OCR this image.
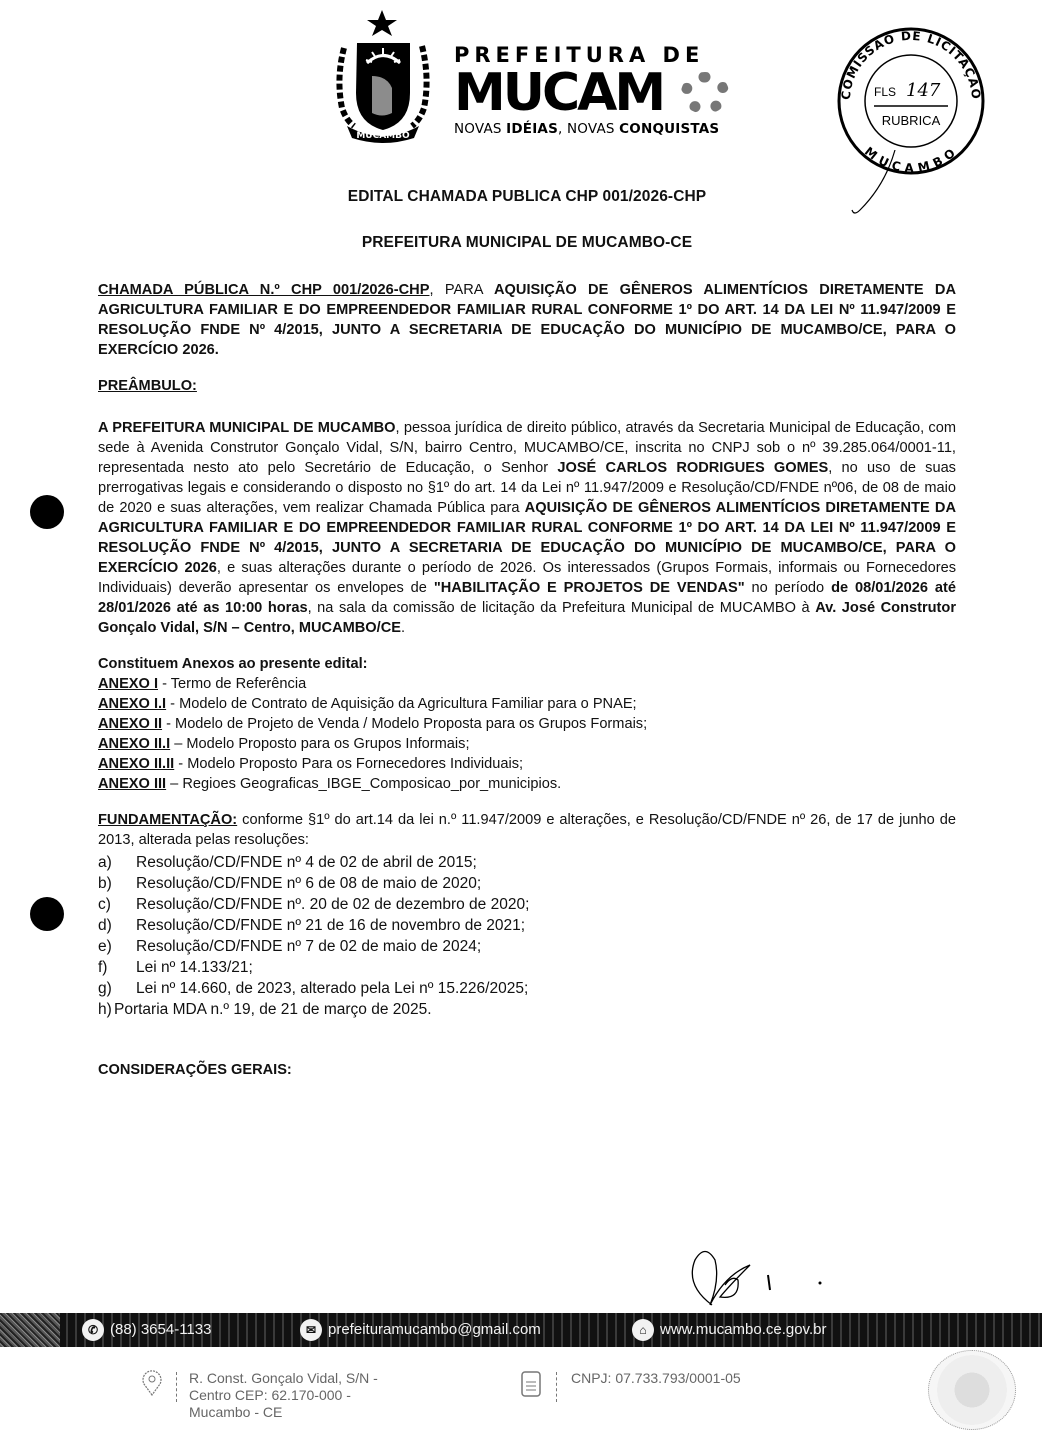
MUCAMBO
PREFEITURA DE
MUCAM
NOVAS IDÉIAS, NOVAS CONQUISTAS
COMISSÃO DE LICITAÇÃO
MUCAMBO
FLS 147
RUBRICA
EDITAL CHAMADA PUBLICA CHP 001/2026-CHP
PREFEITURA MUNICIPAL DE MUCAMBO-CE
CHAMADA PÚBLICA N.º CHP 001/2026-CHP, PARA AQUISIÇÃO DE GÊNEROS ALIMENTÍCIOS DIRETAMENTE DA AGRICULTURA FAMILIAR E DO EMPREENDEDOR FAMILIAR RURAL CONFORME 1º DO ART. 14 DA LEI Nº 11.947/2009 E RESOLUÇÃO FNDE Nº 4/2015, JUNTO A SECRETARIA DE EDUCAÇÃO DO MUNICÍPIO DE MUCAMBO/CE, PARA O EXERCÍCIO 2026.
PREÂMBULO:
A PREFEITURA MUNICIPAL DE MUCAMBO, pessoa jurídica de direito público, através da Secretaria Municipal de Educação, com sede à Avenida Construtor Gonçalo Vidal, S/N, bairro Centro, MUCAMBO/CE, inscrita no CNPJ sob o nº 39.285.064/0001-11, representada nesto ato pelo Secretário de Educação, o Senhor JOSÉ CARLOS RODRIGUES GOMES, no uso de suas prerrogativas legais e considerando o disposto no §1º do art. 14 da Lei nº 11.947/2009 e Resolução/CD/FNDE nº06, de 08 de maio de 2020 e suas alterações, vem realizar Chamada Pública para AQUISIÇÃO DE GÊNEROS ALIMENTÍCIOS DIRETAMENTE DA AGRICULTURA FAMILIAR E DO EMPREENDEDOR FAMILIAR RURAL CONFORME 1º DO ART. 14 DA LEI Nº 11.947/2009 E RESOLUÇÃO FNDE Nº 4/2015, JUNTO A SECRETARIA DE EDUCAÇÃO DO MUNICÍPIO DE MUCAMBO/CE, PARA O EXERCÍCIO 2026, e suas alterações durante o período de 2026. Os interessados (Grupos Formais, informais ou Fornecedores Individuais) deverão apresentar os envelopes de "HABILITAÇÃO E PROJETOS DE VENDAS" no período de 08/01/2026 até 28/01/2026 até as 10:00 horas, na sala da comissão de licitação da Prefeitura Municipal de MUCAMBO à Av. José Construtor Gonçalo Vidal, S/N – Centro, MUCAMBO/CE.
Constituem Anexos ao presente edital:
ANEXO I - Termo de Referência
ANEXO I.I - Modelo de Contrato de Aquisição da Agricultura Familiar para o PNAE;
ANEXO II - Modelo de Projeto de Venda / Modelo Proposta para os Grupos Formais;
ANEXO II.I – Modelo Proposto para os Grupos Informais;
ANEXO II.II - Modelo Proposto Para os Fornecedores Individuais;
ANEXO III – Regioes Geograficas_IBGE_Composicao_por_municipios.
FUNDAMENTAÇÃO: conforme §1º do art.14 da lei n.º 11.947/2009 e alterações, e Resolução/CD/FNDE nº 26, de 17 de junho de 2013, alterada pelas resoluções:
a)	Resolução/CD/FNDE nº 4 de 02 de abril de 2015;
b)	Resolução/CD/FNDE nº 6 de 08 de maio de 2020;
c)	Resolução/CD/FNDE nº. 20 de 02 de dezembro de 2020;
d)	Resolução/CD/FNDE nº 21 de 16 de novembro de 2021;
e)	Resolução/CD/FNDE nº 7 de 02 de maio de 2024;
f)	Lei nº 14.133/21;
g)	Lei nº 14.660, de 2023, alterado pela Lei nº 15.226/2025;
h) Portaria MDA n.º 19, de 21 de março de 2025.
CONSIDERAÇÕES GERAIS:
✆ (88) 3654-1133	✉ prefeituramucambo@gmail.com	⌂ www.mucambo.ce.gov.br
R. Const. Gonçalo Vidal, S/N -
Centro CEP: 62.170-000 -
Mucambo - CE
CNPJ: 07.733.793/0001-05
